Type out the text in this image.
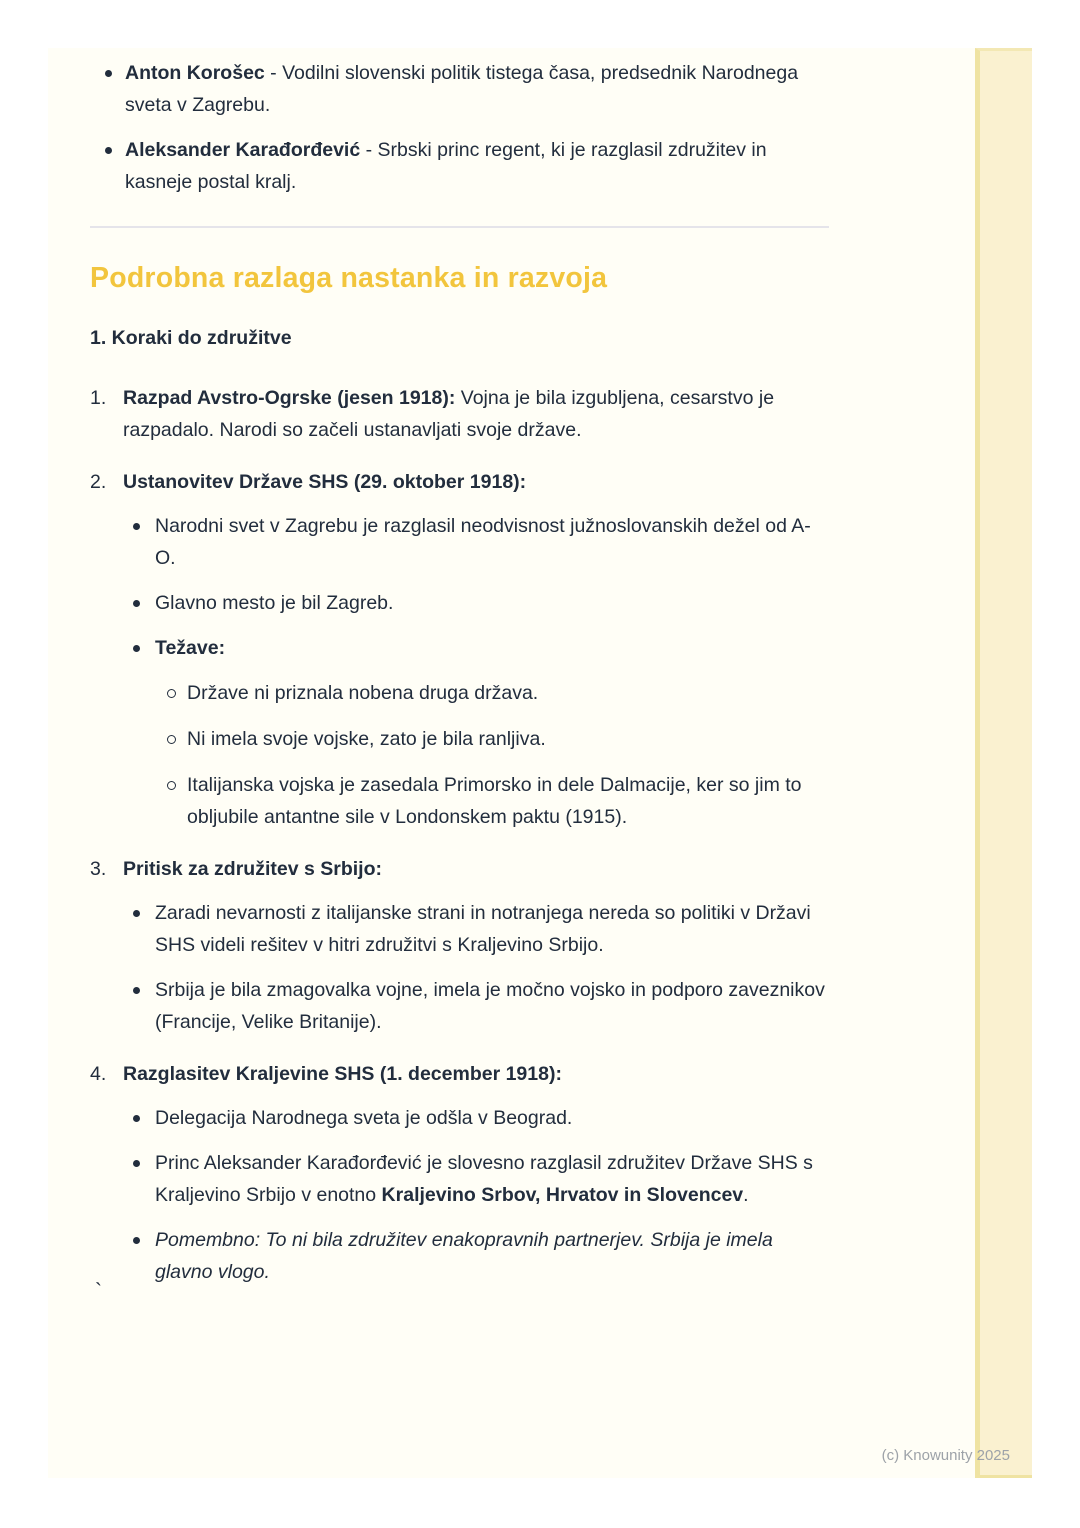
Anton Korošec - Vodilni slovenski politik tistega časa, predsednik Narodnega sveta v Zagrebu.
Aleksander Karađorđević - Srbski princ regent, ki je razglasil združitev in kasneje postal kralj.
Podrobna razlaga nastanka in razvoja
1. Koraki do združitve
1. Razpad Avstro-Ogrske (jesen 1918): Vojna je bila izgubljena, cesarstvo je razpadalo. Narodi so začeli ustanavljati svoje države.
2. Ustanovitev Države SHS (29. oktober 1918):
Narodni svet v Zagrebu je razglasil neodvisnost južnoslovanskih dežel od A-O.
Glavno mesto je bil Zagreb.
Težave:
Države ni priznala nobena druga država.
Ni imela svoje vojske, zato je bila ranljiva.
Italijanska vojska je zasedala Primorsko in dele Dalmacije, ker so jim to obljubile antantne sile v Londonskem paktu (1915).
3. Pritisk za združitev s Srbijo:
Zaradi nevarnosti z italijanske strani in notranjega nereda so politiki v Državi SHS videli rešitev v hitri združitvi s Kraljevino Srbijo.
Srbija je bila zmagovalka vojne, imela je močno vojsko in podporo zaveznikov (Francije, Velike Britanije).
4. Razglasitev Kraljevine SHS (1. december 1918):
Delegacija Narodnega sveta je odšla v Beograd.
Princ Aleksander Karađorđević je slovesno razglasil združitev Države SHS s Kraljevino Srbijo v enotno Kraljevino Srbov, Hrvatov in Slovencev.
Pomembno: To ni bila združitev enakopravnih partnerjev. Srbija je imela glavno vlogo.
`
(c) Knowunity 2025
